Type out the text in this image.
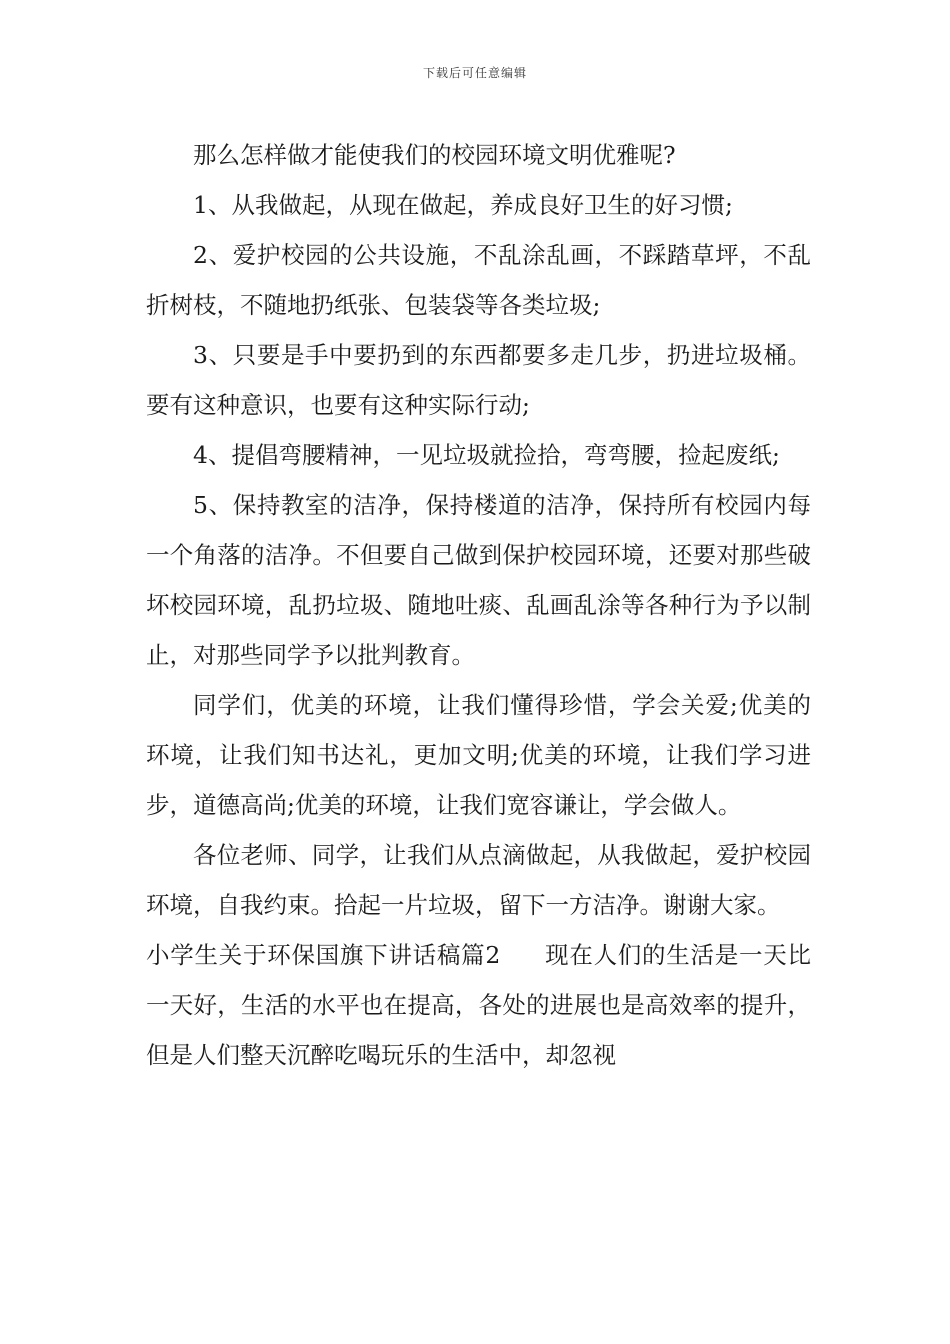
下载后可任意编辑

那么怎样做才能使我们的校园环境文明优雅呢?

1、从我做起，从现在做起，养成良好卫生的好习惯;

2、爱护校园的公共设施，不乱涂乱画，不踩踏草坪，不乱折树枝，不随地扔纸张、包装袋等各类垃圾;

3、只要是手中要扔到的东西都要多走几步，扔进垃圾桶。要有这种意识，也要有这种实际行动;

4、提倡弯腰精神，一见垃圾就捡拾，弯弯腰，捡起废纸;

5、保持教室的洁净，保持楼道的洁净，保持所有校园内每一个角落的洁净。不但要自己做到保护校园环境，还要对那些破坏校园环境，乱扔垃圾、随地吐痰、乱画乱涂等各种行为予以制止，对那些同学予以批判教育。

同学们，优美的环境，让我们懂得珍惜，学会关爱;优美的环境，让我们知书达礼，更加文明;优美的环境，让我们学习进步，道德高尚;优美的环境，让我们宽容谦让，学会做人。

各位老师、同学，让我们从点滴做起，从我做起，爱护校园环境，自我约束。拾起一片垃圾，留下一方洁净。谢谢大家。

小学生关于环保国旗下讲话稿篇2 现在人们的生活是一天比一天好，生活的水平也在提高，各处的进展也是高效率的提升，但是人们整天沉醉吃喝玩乐的生活中，却忽视
